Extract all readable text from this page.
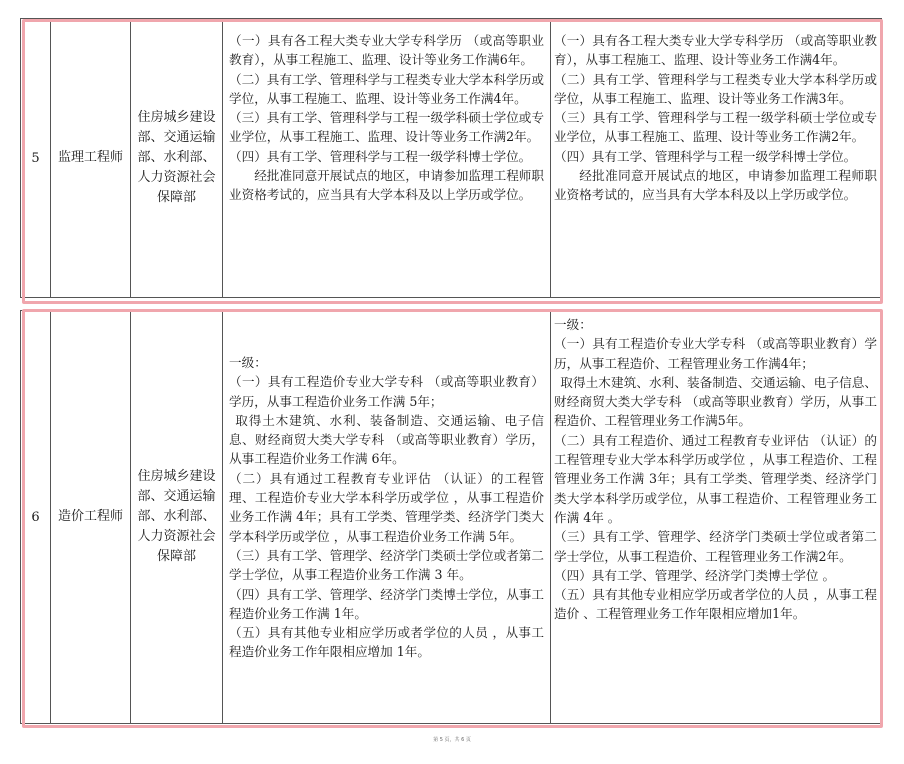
5	监理工程师
住房城乡建设部、交通运输部、水利部、人力资源社会保障部

（一）具有各工程大类专业大学专科学历 （或高等职业教育），从事工程施工、监理、设计等业务工作满6年。

（二）具有工学、管理科学与工程类专业大学本科学历或学位，从事工程施工、监理、设计等业务工作满4年。

（三）具有工学、管理科学与工程一级学科硕士学位或专业学位，从事工程施工、监理、设计等业务工作满2年。

（四）具有工学、管理科学与工程一级学科博士学位。

经批准同意开展试点的地区，申请参加监理工程师职业资格考试的，应当具有大学本科及以上学历或学位。

（一）具有各工程大类专业大学专科学历 （或高等职业教育），从事工程施工、监理、设计等业务工作满4年。

（二）具有工学、管理科学与工程类专业大学本科学历或学位，从事工程施工、监理、设计等业务工作满3年。

（三）具有工学、管理科学与工程一级学科硕士学位或专业学位，从事工程施工、监理、设计等业务工作满2年。

（四）具有工学、管理科学与工程一级学科博士学位。

经批准同意开展试点的地区，申请参加监理工程师职业资格考试的，应当具有大学本科及以上学历或学位。

6	造价工程师
住房城乡建设部、交通运输部、水利部、人力资源社会保障部

一级：

（一）具有工程造价专业大学专科 （或高等职业教育）学历，从事工程造价业务工作满 5年；

取得土木建筑、水利、装备制造、交通运输、电子信息、财经商贸大类大学专科 （或高等职业教育）学历，从事工程造价业务工作满 6年。

（二）具有通过工程教育专业评估 （认证）的工程管理、工程造价专业大学本科学历或学位 ，从事工程造价业务工作满 4年；具有工学类、管理学类、经济学门类大学本科学历或学位 ，从事工程造价业务工作满 5年。

（三）具有工学、管理学、经济学门类硕士学位或者第二学士学位，从事工程造价业务工作满 3 年。

（四）具有工学、管理学、经济学门类博士学位，从事工程造价业务工作满 1年。

（五）具有其他专业相应学历或者学位的人员 ，从事工程造价业务工作年限相应增加 1年。

一级：

（一）具有工程造价专业大学专科 （或高等职业教育）学历，从事工程造价、工程管理业务工作满4年；

取得土木建筑、水利、装备制造、交通运输、电子信息、财经商贸大类大学专科 （或高等职业教育）学历，从事工程造价、工程管理业务工作满5年。

（二）具有工程造价、通过工程教育专业评估 （认证）的工程管理专业大学本科学历或学位 ，从事工程造价、工程管理业务工作满 3年；具有工学类、管理学类、经济学门类大学本科学历或学位，从事工程造价、工程管理业务工作满 4年 。

（三）具有工学、管理学、经济学门类硕士学位或者第二学士学位，从事工程造价、工程管理业务工作满2年。

（四）具有工学、管理学、经济学门类博士学位 。

（五）具有其他专业相应学历或者学位的人员 ，从事工程造价 、工程管理业务工作年限相应增加1年。

第 5 页，共 6 页
